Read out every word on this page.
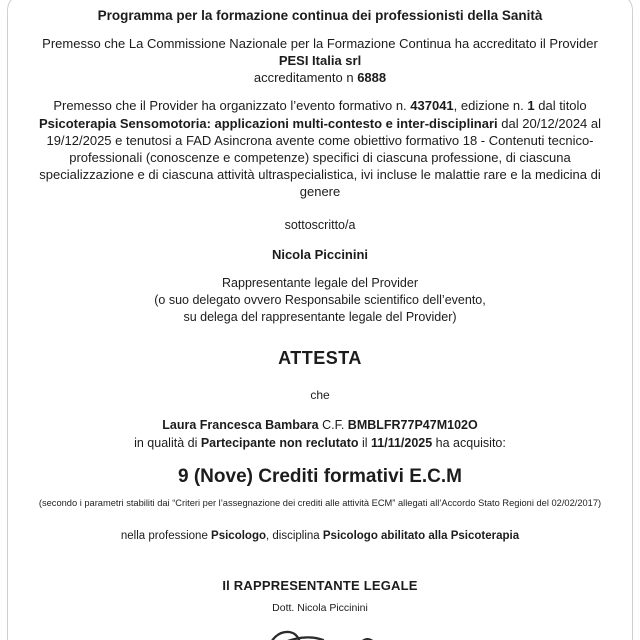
Programma per la formazione continua dei professionisti della Sanità

Premesso che La Commissione Nazionale per la Formazione Continua ha accreditato il Provider
PESI Italia srl
accreditamento n 6888

Premesso che il Provider ha organizzato l’evento formativo n. 437041, edizione n. 1 dal titolo Psicoterapia Sensomotoria: applicazioni multi-contesto e inter-disciplinari dal 20/12/2024 al 19/12/2025 e tenutosi a FAD Asincrona avente come obiettivo formativo 18 - Contenuti tecnico-professionali (conoscenze e competenze) specifici di ciascuna professione, di ciascuna specializzazione e di ciascuna attività ultraspecialistica, ivi incluse le malattie rare e la medicina di genere

sottoscritto/a

Nicola Piccinini

Rappresentante legale del Provider
(o suo delegato ovvero Responsabile scientifico dell’evento,
su delega del rappresentante legale del Provider)

ATTESTA

che

Laura Francesca Bambara C.F. BMBLFR77P47M102O

in qualità di Partecipante non reclutato il 11/11/2025 ha acquisito:

9 (Nove) Crediti formativi E.C.M

(secondo i parametri stabiliti dai “Criteri per l’assegnazione dei crediti alle attività ECM” allegati all’Accordo Stato Regioni del 02/02/2017)

nella professione Psicologo, disciplina Psicologo abilitato alla Psicoterapia

Il RAPPRESENTANTE LEGALE
Dott. Nicola Piccinini
